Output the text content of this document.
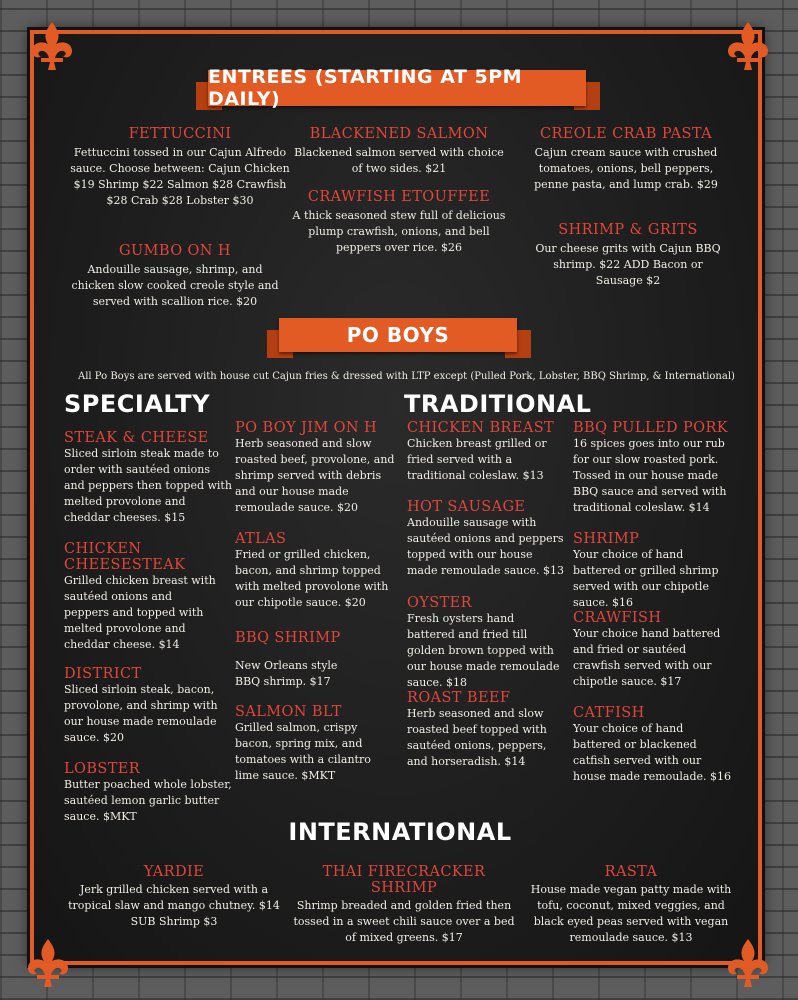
ENTREES (STARTING AT 5PM DAILY)
FETTUCCINI
Fettuccini tossed in our Cajun Alfredo sauce. Choose between: Cajun Chicken $19 Shrimp $22 Salmon $28 Crawfish $28 Crab $28 Lobster $30
BLACKENED SALMON
Blackened salmon served with choice of two sides. $21
CREOLE CRAB PASTA
Cajun cream sauce with crushed tomatoes, onions, bell peppers, penne pasta, and lump crab. $29
CRAWFISH ETOUFFEE
A thick seasoned stew full of delicious plump crawfish, onions, and bell peppers over rice. $26
GUMBO ON H
Andouille sausage, shrimp, and chicken slow cooked creole style and served with scallion rice. $20
SHRIMP & GRITS
Our cheese grits with Cajun BBQ shrimp. $22 ADD Bacon or Sausage $2
PO BOYS
All Po Boys are served with house cut Cajun fries & dressed with LTP except (Pulled Pork, Lobster, BBQ Shrimp, & International)
SPECIALTY	TRADITIONAL
STEAK & CHEESE
Sliced sirloin steak made to order with sautéed onions and peppers then topped with melted provolone and cheddar cheeses. $15
CHICKEN CHEESESTEAK
Grilled chicken breast with sautéed onions and peppers and topped with melted provolone and cheddar cheese. $14
DISTRICT
Sliced sirloin steak, bacon, provolone, and shrimp with our house made remoulade sauce. $20
LOBSTER
Butter poached whole lobster, sautéed lemon garlic butter sauce. $MKT
PO BOY JIM ON H
Herb seasoned and slow roasted beef, provolone, and shrimp served with debris and our house made remoulade sauce. $20
ATLAS
Fried or grilled chicken, bacon, and shrimp topped with melted provolone with our chipotle sauce. $20
BBQ SHRIMP
New Orleans style BBQ shrimp. $17
SALMON BLT
Grilled salmon, crispy bacon, spring mix, and tomatoes with a cilantro lime sauce. $MKT
CHICKEN BREAST
Chicken breast grilled or fried served with a traditional coleslaw. $13
HOT SAUSAGE
Andouille sausage with sautéed onions and peppers topped with our house made remoulade sauce. $13
OYSTER
Fresh oysters hand battered and fried till golden brown topped with our house made remoulade sauce. $18
ROAST BEEF
Herb seasoned and slow roasted beef topped with sautéed onions, peppers, and horseradish. $14
BBQ PULLED PORK
16 spices goes into our rub for our slow roasted pork. Tossed in our house made BBQ sauce and served with traditional coleslaw. $14
SHRIMP
Your choice of hand battered or grilled shrimp served with our chipotle sauce. $16
CRAWFISH
Your choice hand battered and fried or sautéed crawfish served with our chipotle sauce. $17
CATFISH
Your choice of hand battered or blackened catfish served with our house made remoulade. $16
INTERNATIONAL
YARDIE
Jerk grilled chicken served with a tropical slaw and mango chutney. $14 SUB Shrimp $3
THAI FIRECRACKER SHRIMP
Shrimp breaded and golden fried then tossed in a sweet chili sauce over a bed of mixed greens. $17
RASTA
House made vegan patty made with tofu, coconut, mixed veggies, and black eyed peas served with vegan remoulade sauce. $13
